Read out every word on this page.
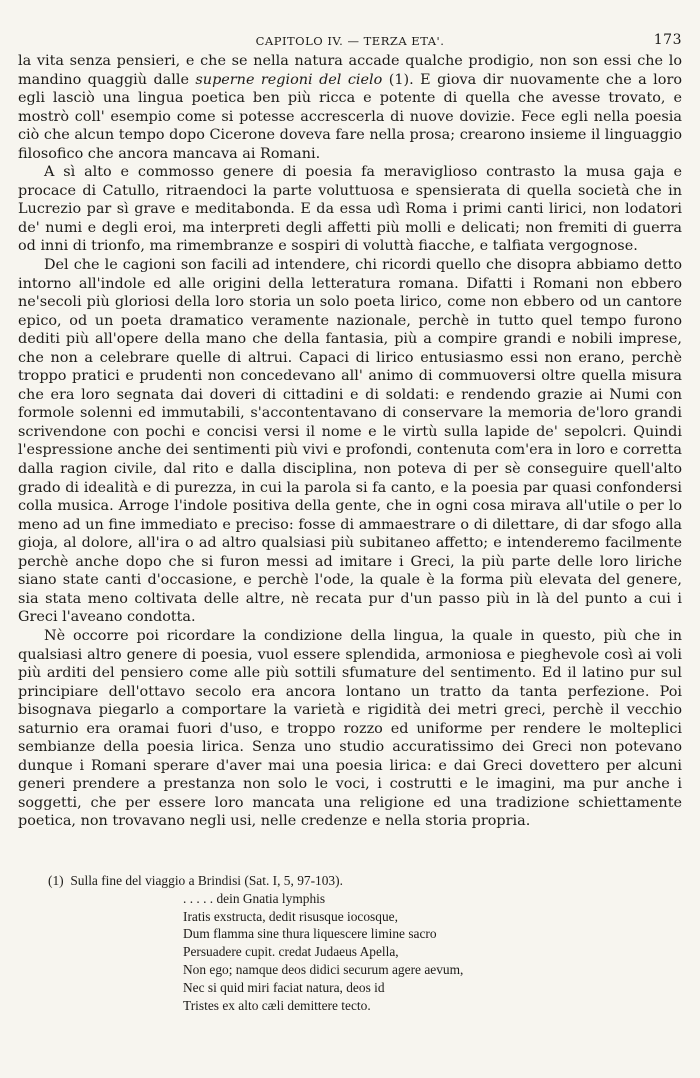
CAPITOLO IV. — TERZA ETA'.	173

la vita senza pensieri, e che se nella natura accade qualche prodigio, non son essi che lo mandino quaggiù dalle superne regioni del cielo (1). E giova dir nuovamente che a loro egli lasciò una lingua poetica ben più ricca e potente di quella che avesse trovato, e mostrò coll' esempio come si potesse accrescerla di nuove dovizie. Fece egli nella poesia ciò che alcun tempo dopo Cicerone doveva fare nella prosa; crearono insieme il linguaggio filosofico che ancora mancava ai Romani.

A sì alto e commosso genere di poesia fa meraviglioso contrasto la musa gaja e procace di Catullo, ritraendoci la parte voluttuosa e spensierata di quella società che in Lucrezio par sì grave e meditabonda. E da essa udì Roma i primi canti lirici, non lodatori de' numi e degli eroi, ma interpreti degli affetti più molli e delicati; non fremiti di guerra od inni di trionfo, ma rimembranze e sospiri di voluttà fiacche, e talfiata vergognose.

Del che le cagioni son facili ad intendere, chi ricordi quello che disopra abbiamo detto intorno all'indole ed alle origini della letteratura romana. Difatti i Romani non ebbero ne'secoli più gloriosi della loro storia un solo poeta lirico, come non ebbero od un cantore epico, od un poeta dramatico veramente nazionale, perchè in tutto quel tempo furono dediti più all'opere della mano che della fantasia, più a compire grandi e nobili imprese, che non a celebrare quelle di altrui. Capaci di lirico entusiasmo essi non erano, perchè troppo pratici e prudenti non concedevano all' animo di commuoversi oltre quella misura che era loro segnata dai doveri di cittadini e di soldati: e rendendo grazie ai Numi con formole solenni ed immutabili, s'accontentavano di conservare la memoria de'loro grandi scrivendone con pochi e concisi versi il nome e le virtù sulla lapide de' sepolcri. Quindi l'espressione anche dei sentimenti più vivi e profondi, contenuta com'era in loro e corretta dalla ragion civile, dal rito e dalla disciplina, non poteva di per sè conseguire quell'alto grado di idealità e di purezza, in cui la parola si fa canto, e la poesia par quasi confondersi colla musica. Arroge l'indole positiva della gente, che in ogni cosa mirava all'utile o per lo meno ad un fine immediato e preciso: fosse di ammaestrare o di dilettare, di dar sfogo alla gioja, al dolore, all'ira o ad altro qualsiasi più subitaneo affetto; e intenderemo facilmente perchè anche dopo che si furon messi ad imitare i Greci, la più parte delle loro liriche siano state canti d'occasione, e perchè l'ode, la quale è la forma più elevata del genere, sia stata meno coltivata delle altre, nè recata pur d'un passo più in là del punto a cui i Greci l'aveano condotta.

Nè occorre poi ricordare la condizione della lingua, la quale in questo, più che in qualsiasi altro genere di poesia, vuol essere splendida, armoniosa e pieghevole così ai voli più arditi del pensiero come alle più sottili sfumature del sentimento. Ed il latino pur sul principiare dell'ottavo secolo era ancora lontano un tratto da tanta perfezione. Poi bisognava piegarlo a comportare la varietà e rigidità dei metri greci, perchè il vecchio saturnio era oramai fuori d'uso, e troppo rozzo ed uniforme per rendere le molteplici sembianze della poesia lirica. Senza uno studio accuratissimo dei Greci non potevano dunque i Romani sperare d'aver mai una poesia lirica: e dai Greci dovettero per alcuni generi prendere a prestanza non solo le voci, i costrutti e le imagini, ma pur anche i soggetti, che per essere loro mancata una religione ed una tradizione schiettamente poetica, non trovavano negli usi, nelle credenze e nella storia propria.

(1) Sulla fine del viaggio a Brindisi (Sat. I, 5, 97-103).

. . . . . dein Gnatia lymphis

Iratis exstructa, dedit risusque iocosque,

Dum flamma sine thura liquescere limine sacro

Persuadere cupit. credat Judaeus Apella,

Non ego; namque deos didici securum agere aevum,

Nec si quid miri faciat natura, deos id

Tristes ex alto cæli demittere tecto.
